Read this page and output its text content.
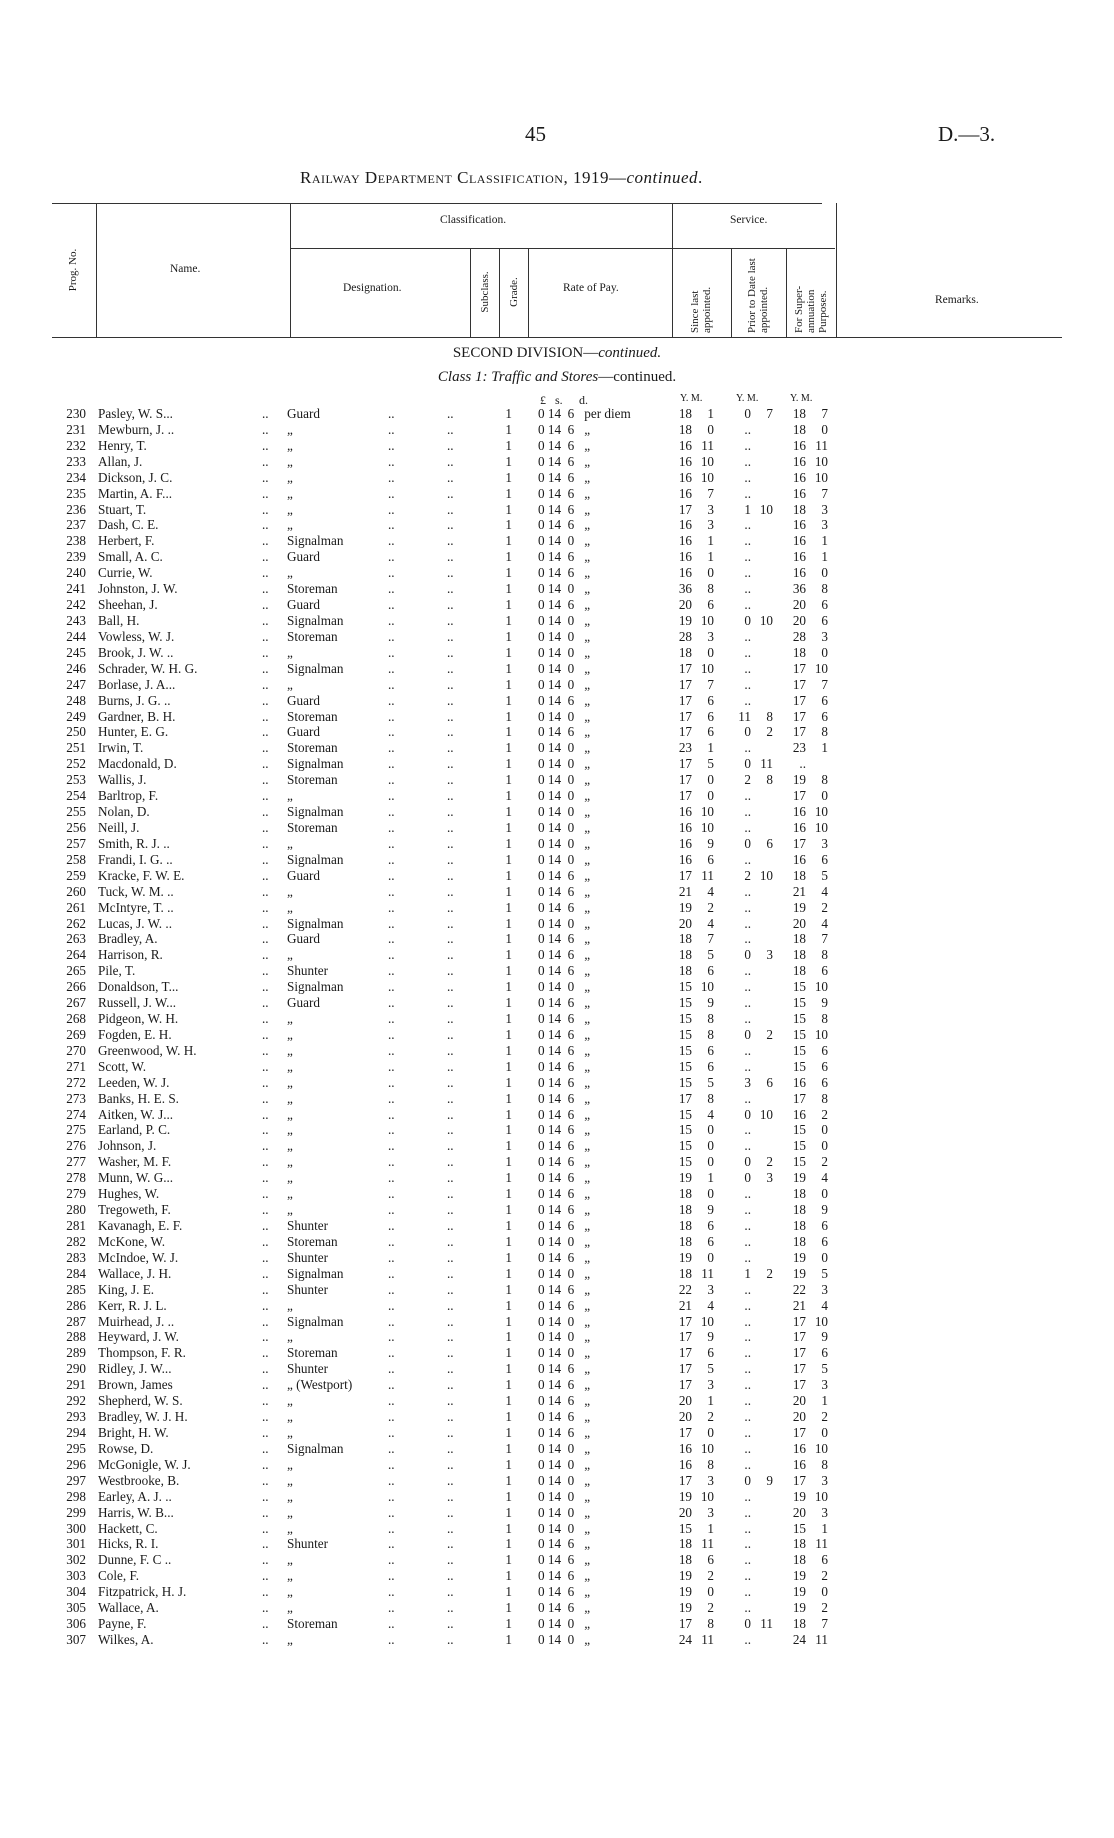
45	D.—3.
Railway Department Classification, 1919—continued.
Prog. No.	Name.
Classification.	Service.
Designation.	Subclass. Grade.	Rate of Pay.
Since last appointed.	Prior to Date last appointed. For Super-annuation Purposes.	Remarks.
SECOND DIVISION—continued.
Class 1: Traffic and Stores—continued.
£ s. d.	Y. M.	Y. M.	Y. M.
230 Pasley, W. S...	.. Guard	..	..	1 0 14  6 per diem	18 1	0 7	18 7
231 Mewburn, J. ..	.. „	..	..	1 0 14  6 „	18 0	..	18 0
232 Henry, T.	.. „	..	..	1 0 14  6 „	16 11	..	16 11
233 Allan, J.	.. „	..	..	1 0 14  6 „	16 10	..	16 10
234 Dickson, J. C.	.. „	..	..	1 0 14  6 „	16 10	..	16 10
235 Martin, A. F...	.. „	..	..	1 0 14  6 „	16 7	..	16 7
236 Stuart, T.	.. „	..	..	1 0 14  6 „	17 3	1 10	18 3
237 Dash, C. E.	.. „	..	..	1 0 14  6 „	16 3	..	16 3
238 Herbert, F.	.. Signalman	..	..	1 0 14  0 „	16 1	..	16 1
239 Small, A. C.	.. Guard	..	..	1 0 14  6 „	16 1	..	16 1
240 Currie, W.	.. „	..	..	1 0 14  6 „	16 0	..	16 0
241 Johnston, J. W.	.. Storeman	..	..	1 0 14  0 „	36 8	..	36 8
242 Sheehan, J.	.. Guard	..	..	1 0 14  6 „	20 6	..	20 6
243 Ball, H.	.. Signalman	..	..	1 0 14  0 „	19 10	0 10	20 6
244 Vowless, W. J.	.. Storeman	..	..	1 0 14  0 „	28 3	..	28 3
245 Brook, J. W. ..	.. „	..	..	1 0 14  0 „	18 0	..	18 0
246 Schrader, W. H. G.	.. Signalman	..	..	1 0 14  0 „	17 10	..	17 10
247 Borlase, J. A...	.. „	..	..	1 0 14  0 „	17 7	..	17 7
248 Burns, J. G. ..	.. Guard	..	..	1 0 14  6 „	17 6	..	17 6
249 Gardner, B. H.	.. Storeman	..	..	1 0 14  0 „	17 6	11 8	17 6
250 Hunter, E. G.	.. Guard	..	..	1 0 14  6 „	17 6	0 2	17 8
251 Irwin, T.	.. Storeman	..	..	1 0 14  0 „	23 1	..	23 1
252 Macdonald, D.	.. Signalman	..	..	1 0 14  0 „	17 5	0 11	..
253 Wallis, J.	.. Storeman	..	..	1 0 14  0 „	17 0	2 8	19 8
254 Barltrop, F.	.. „	..	..	1 0 14  0 „	17 0	..	17 0
255 Nolan, D.	.. Signalman	..	..	1 0 14  0 „	16 10	..	16 10
256 Neill, J.	.. Storeman	..	..	1 0 14  0 „	16 10	..	16 10
257 Smith, R. J. ..	.. „	..	..	1 0 14  0 „	16 9	0 6	17 3
258 Frandi, I. G. ..	.. Signalman	..	..	1 0 14  0 „	16 6	..	16 6
259 Kracke, F. W. E.	.. Guard	..	..	1 0 14  6 „	17 11	2 10	18 5
260 Tuck, W. M. ..	.. „	..	..	1 0 14  6 „	21 4	..	21 4
261 McIntyre, T. ..	.. „	..	..	1 0 14  6 „	19 2	..	19 2
262 Lucas, J. W. ..	.. Signalman	..	..	1 0 14  0 „	20 4	..	20 4
263 Bradley, A.	.. Guard	..	..	1 0 14  6 „	18 7	..	18 7
264 Harrison, R.	.. „	..	..	1 0 14  6 „	18 5	0 3	18 8
265 Pile, T.	.. Shunter	..	..	1 0 14  6 „	18 6	..	18 6
266 Donaldson, T...	.. Signalman	..	..	1 0 14  0 „	15 10	..	15 10
267 Russell, J. W...	.. Guard	..	..	1 0 14  6 „	15 9	..	15 9
268 Pidgeon, W. H.	.. „	..	..	1 0 14  6 „	15 8	..	15 8
269 Fogden, E. H.	.. „	..	..	1 0 14  6 „	15 8	0 2	15 10
270 Greenwood, W. H.	.. „	..	..	1 0 14  6 „	15 6	..	15 6
271 Scott, W.	.. „	..	..	1 0 14  6 „	15 6	..	15 6
272 Leeden, W. J.	.. „	..	..	1 0 14  6 „	15 5	3 6	16 6
273 Banks, H. E. S.	.. „	..	..	1 0 14  6 „	17 8	..	17 8
274 Aitken, W. J...	.. „	..	..	1 0 14  6 „	15 4	0 10	16 2
275 Earland, P. C.	.. „	..	..	1 0 14  6 „	15 0	..	15 0
276 Johnson, J.	.. „	..	..	1 0 14  6 „	15 0	..	15 0
277 Washer, M. F.	.. „	..	..	1 0 14  6 „	15 0	0 2	15 2
278 Munn, W. G...	.. „	..	..	1 0 14  6 „	19 1	0 3	19 4
279 Hughes, W.	.. „	..	..	1 0 14  6 „	18 0	..	18 0
280 Tregoweth, F.	.. „	..	..	1 0 14  6 „	18 9	..	18 9
281 Kavanagh, E. F.	.. Shunter	..	..	1 0 14  6 „	18 6	..	18 6
282 McKone, W.	.. Storeman	..	..	1 0 14  0 „	18 6	..	18 6
283 McIndoe, W. J.	.. Shunter	..	..	1 0 14  6 „	19 0	..	19 0
284 Wallace, J. H.	.. Signalman	..	..	1 0 14  0 „	18 11	1 2	19 5
285 King, J. E.	.. Shunter	..	..	1 0 14  6 „	22 3	..	22 3
286 Kerr, R. J. L.	.. „	..	..	1 0 14  6 „	21 4	..	21 4
287 Muirhead, J. ..	.. Signalman	..	..	1 0 14  0 „	17 10	..	17 10
288 Heyward, J. W.	.. „	..	..	1 0 14  0 „	17 9	..	17 9
289 Thompson, F. R.	.. Storeman	..	..	1 0 14  0 „	17 6	..	17 6
290 Ridley, J. W...	.. Shunter	..	..	1 0 14  6 „	17 5	..	17 5
291 Brown, James	.. „ (Westport)	..	..	1 0 14  6 „	17 3	..	17 3
292 Shepherd, W. S.	.. „	..	..	1 0 14  6 „	20 1	..	20 1
293 Bradley, W. J. H.	.. „	..	..	1 0 14  6 „	20 2	..	20 2
294 Bright, H. W.	.. „	..	..	1 0 14  6 „	17 0	..	17 0
295 Rowse, D.	.. Signalman	..	..	1 0 14  0 „	16 10	..	16 10
296 McGonigle, W. J.	.. „	..	..	1 0 14  0 „	16 8	..	16 8
297 Westbrooke, B.	.. „	..	..	1 0 14  0 „	17 3	0 9	17 3
298 Earley, A. J. ..	.. „	..	..	1 0 14  0 „	19 10	..	19 10
299 Harris, W. B...	.. „	..	..	1 0 14  0 „	20 3	..	20 3
300 Hackett, C.	.. „	..	..	1 0 14  0 „	15 1	..	15 1
301 Hicks, R. I.	.. Shunter	..	..	1 0 14  6 „	18 11	..	18 11
302 Dunne, F. C ..	.. „	..	..	1 0 14  6 „	18 6	..	18 6
303 Cole, F.	.. „	..	..	1 0 14  6 „	19 2	..	19 2
304 Fitzpatrick, H. J.	.. „	..	..	1 0 14  6 „	19 0	..	19 0
305 Wallace, A.	.. „	..	..	1 0 14  6 „	19 2	..	19 2
306 Payne, F.	.. Storeman	..	..	1 0 14  0 „	17 8	0 11	18 7
307 Wilkes, A.	.. „	..	..	1 0 14  0 „	24 11	..	24 11
